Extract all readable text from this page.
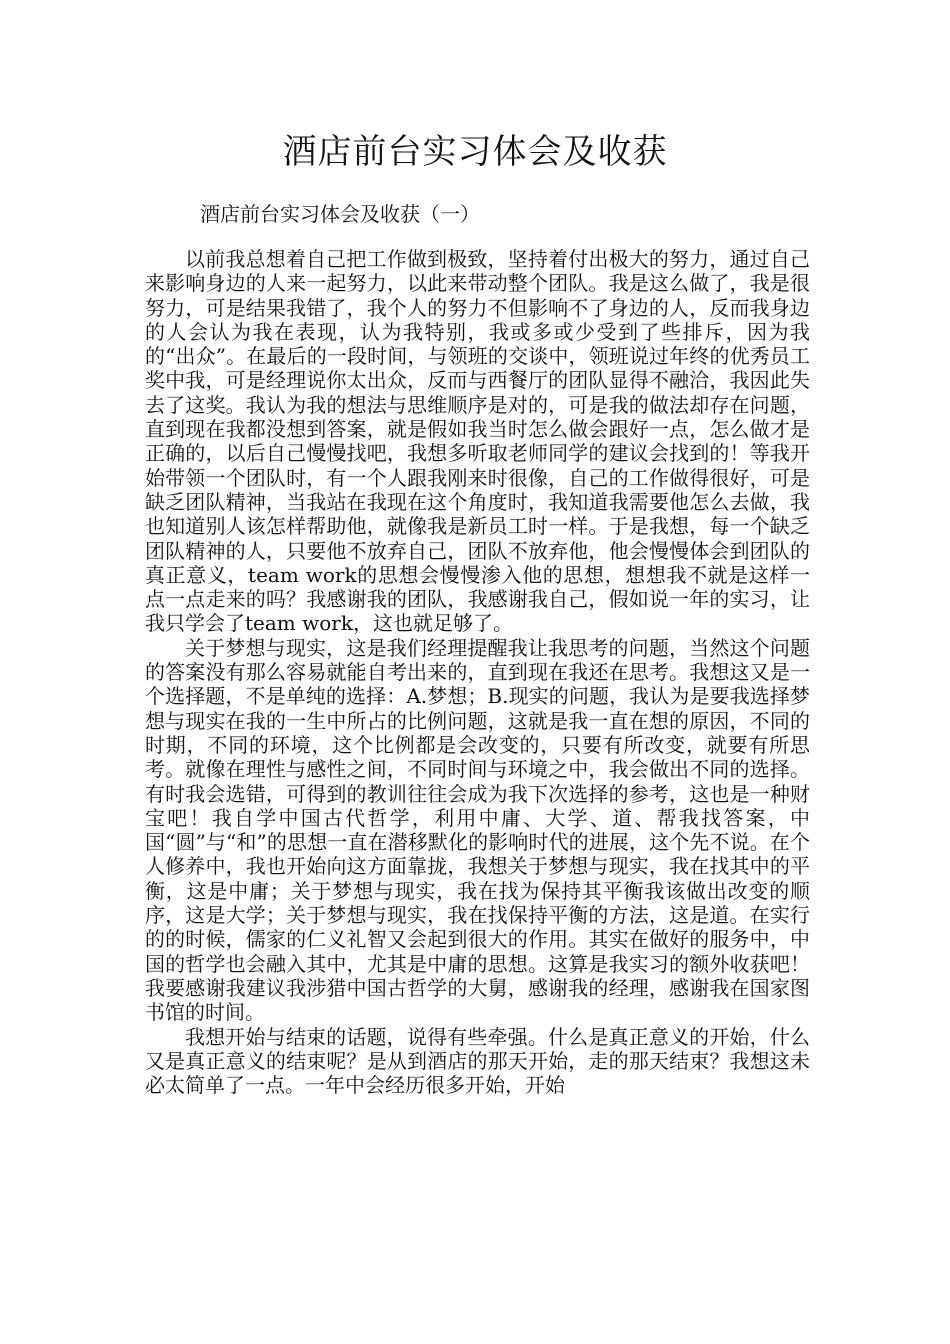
酒店前台实习体会及收获

酒店前台实习体会及收获（一）

以前我总想着自己把工作做到极致，坚持着付出极大的努力，通过自己来影响身边的人来一起努力，以此来带动整个团队。我是这么做了，我是很努力，可是结果我错了，我个人的努力不但影响不了身边的人，反而我身边的人会认为我在表现，认为我特别，我或多或少受到了些排斥，因为我的“出众”。在最后的一段时间，与领班的交谈中，领班说过年终的优秀员工奖中我，可是经理说你太出众，反而与西餐厅的团队显得不融洽，我因此失去了这奖。我认为我的想法与思维顺序是对的，可是我的做法却存在问题，直到现在我都没想到答案，就是假如我当时怎么做会跟好一点，怎么做才是正确的，以后自己慢慢找吧，我想多听取老师同学的建议会找到的！等我开始带领一个团队时，有一个人跟我刚来时很像，自己的工作做得很好，可是缺乏团队精神，当我站在我现在这个角度时，我知道我需要他怎么去做，我也知道别人该怎样帮助他，就像我是新员工时一样。于是我想，每一个缺乏团队精神的人，只要他不放弃自己，团队不放弃他，他会慢慢体会到团队的真正意义，team work的思想会慢慢渗入他的思想，想想我不就是这样一点一点走来的吗？我感谢我的团队，我感谢我自己，假如说一年的实习，让我只学会了team work，这也就足够了。

关于梦想与现实，这是我们经理提醒我让我思考的问题，当然这个问题的答案没有那么容易就能自考出来的，直到现在我还在思考。我想这又是一个选择题，不是单纯的选择：A.梦想；B.现实的问题，我认为是要我选择梦想与现实在我的一生中所占的比例问题，这就是我一直在想的原因，不同的时期，不同的环境，这个比例都是会改变的，只要有所改变，就要有所思考。就像在理性与感性之间，不同时间与环境之中，我会做出不同的选择。有时我会选错，可得到的教训往往会成为我下次选择的参考，这也是一种财宝吧！我自学中国古代哲学，利用中庸、大学、道、帮我找答案，中国“圆”与“和”的思想一直在潜移默化的影响时代的进展，这个先不说。在个人修养中，我也开始向这方面靠拢，我想关于梦想与现实，我在找其中的平衡，这是中庸；关于梦想与现实，我在找为保持其平衡我该做出改变的顺序，这是大学；关于梦想与现实，我在找保持平衡的方法，这是道。在实行的的时候，儒家的仁义礼智又会起到很大的作用。其实在做好的服务中，中国的哲学也会融入其中，尤其是中庸的思想。这算是我实习的额外收获吧！我要感谢我建议我涉猎中国古哲学的大舅，感谢我的经理，感谢我在国家图书馆的时间。

我想开始与结束的话题，说得有些牵强。什么是真正意义的开始，什么又是真正意义的结束呢？是从到酒店的那天开始，走的那天结束？我想这未必太简单了一点。一年中会经历很多开始，开始
